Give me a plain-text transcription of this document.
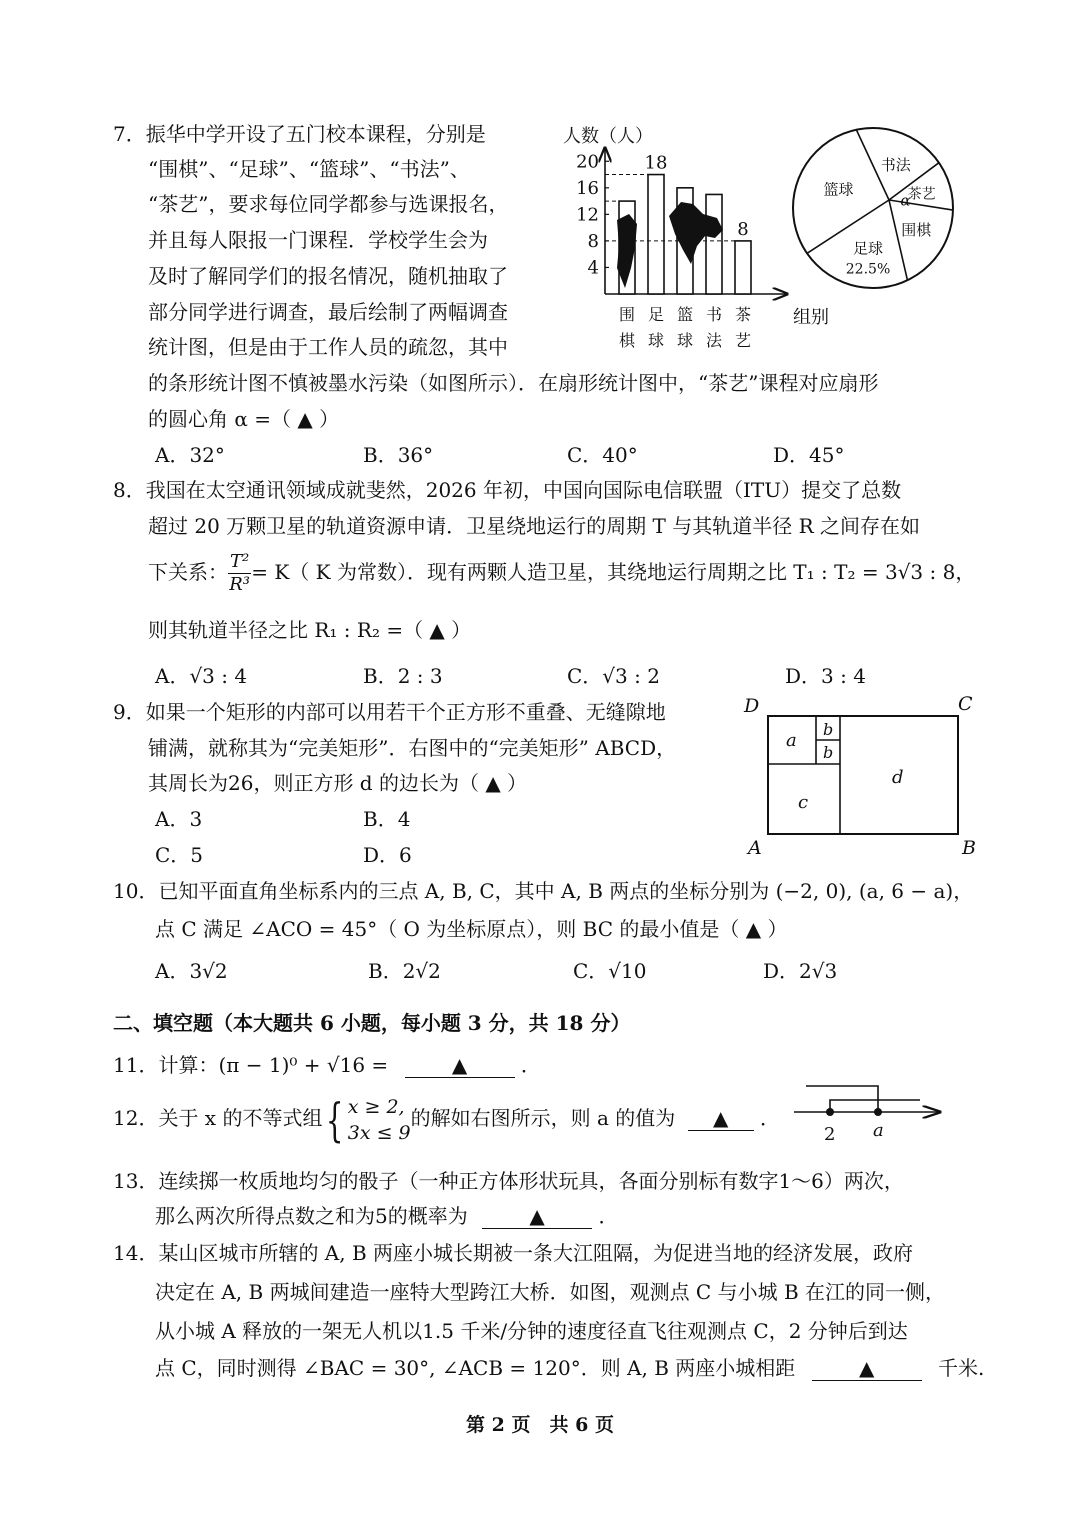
7．振华中学开设了五门校本课程，分别是
“围棋”、“足球”、“篮球”、“书法”、
“茶艺”，要求每位同学都参与选课报名，
并且每人限报一门课程．学校学生会为
及时了解同学们的报名情况，随机抽取了
部分同学进行调查，最后绘制了两幅调查
统计图，但是由于工作人员的疏忽，其中
的条形统计图不慎被墨水污染（如图所示）．在扇形统计图中，“茶艺”课程对应扇形
的圆心角 α =（ ▲ ）
A．32°	B．36°	C．40°	D．45°
人数（人）
4
8
12
16
20	18
8
组别
围
棋
足
球
篮
球
书
法
茶
艺
书法
茶艺
α
围棋
足球
22.5%
篮球
8．我国在太空通讯领域成就斐然，2026 年初，中国向国际电信联盟（ITU）提交了总数
超过 20 万颗卫星的轨道资源申请．卫星绕地运行的周期 T 与其轨道半径 R 之间存在如
下关系： $\frac{\text{T²}}{\text{R³}} = K$（ K 为常数）．现有两颗人造卫星，其绕地运行周期之比 T₁ : T₂ = 3√3 : 8，
则其轨道半径之比 R₁ : R₂ =（ ▲ ）
A．√3 : 4	B．2 : 3	C．√3 : 2	D．3 : 4
9．如果一个矩形的内部可以用若干个正方形不重叠、无缝隙地
铺满，就称其为“完美矩形”．右图中的“完美矩形” ABCD，
其周长为26，则正方形 d 的边长为（ ▲ ）
A．3	B．4
C．5	D．6
D	C
A	B
a
b
b
c
d
10．已知平面直角坐标系内的三点 A, B, C，其中 A, B 两点的坐标分别为 (−2, 0), (a, 6 − a)，
点 C 满足 ∠ACO = 45°（ O 为坐标原点），则 BC 的最小值是（ ▲ ）
A．3√2	B．2√2	C．√10	D．2√3
二、填空题（本大题共 6 小题，每小题 3 分，共 18 分）
11．计算：(π − 1)⁰ + √16 =	▲	．
12．关于 x 的不等式组{ x ≥ 2,
3x ≤ 9
的解如右图所示，则 a 的值为 ▲ ．
2 a
13．连续掷一枚质地均匀的骰子（一种正方体形状玩具，各面分别标有数字1～6）两次，
那么两次所得点数之和为5的概率为	▲	．
14．某山区城市所辖的 A, B 两座小城长期被一条大江阻隔，为促进当地的经济发展，政府
决定在 A, B 两城间建造一座特大型跨江大桥．如图，观测点 C 与小城 B 在江的同一侧，
从小城 A 释放的一架无人机以1.5 千米/分钟的速度径直飞往观测点 C，2 分钟后到达
点 C，同时测得 ∠BAC = 30°, ∠ACB = 120°．则 A, B 两座小城相距	▲	千米.
第 2 页　共 6 页
